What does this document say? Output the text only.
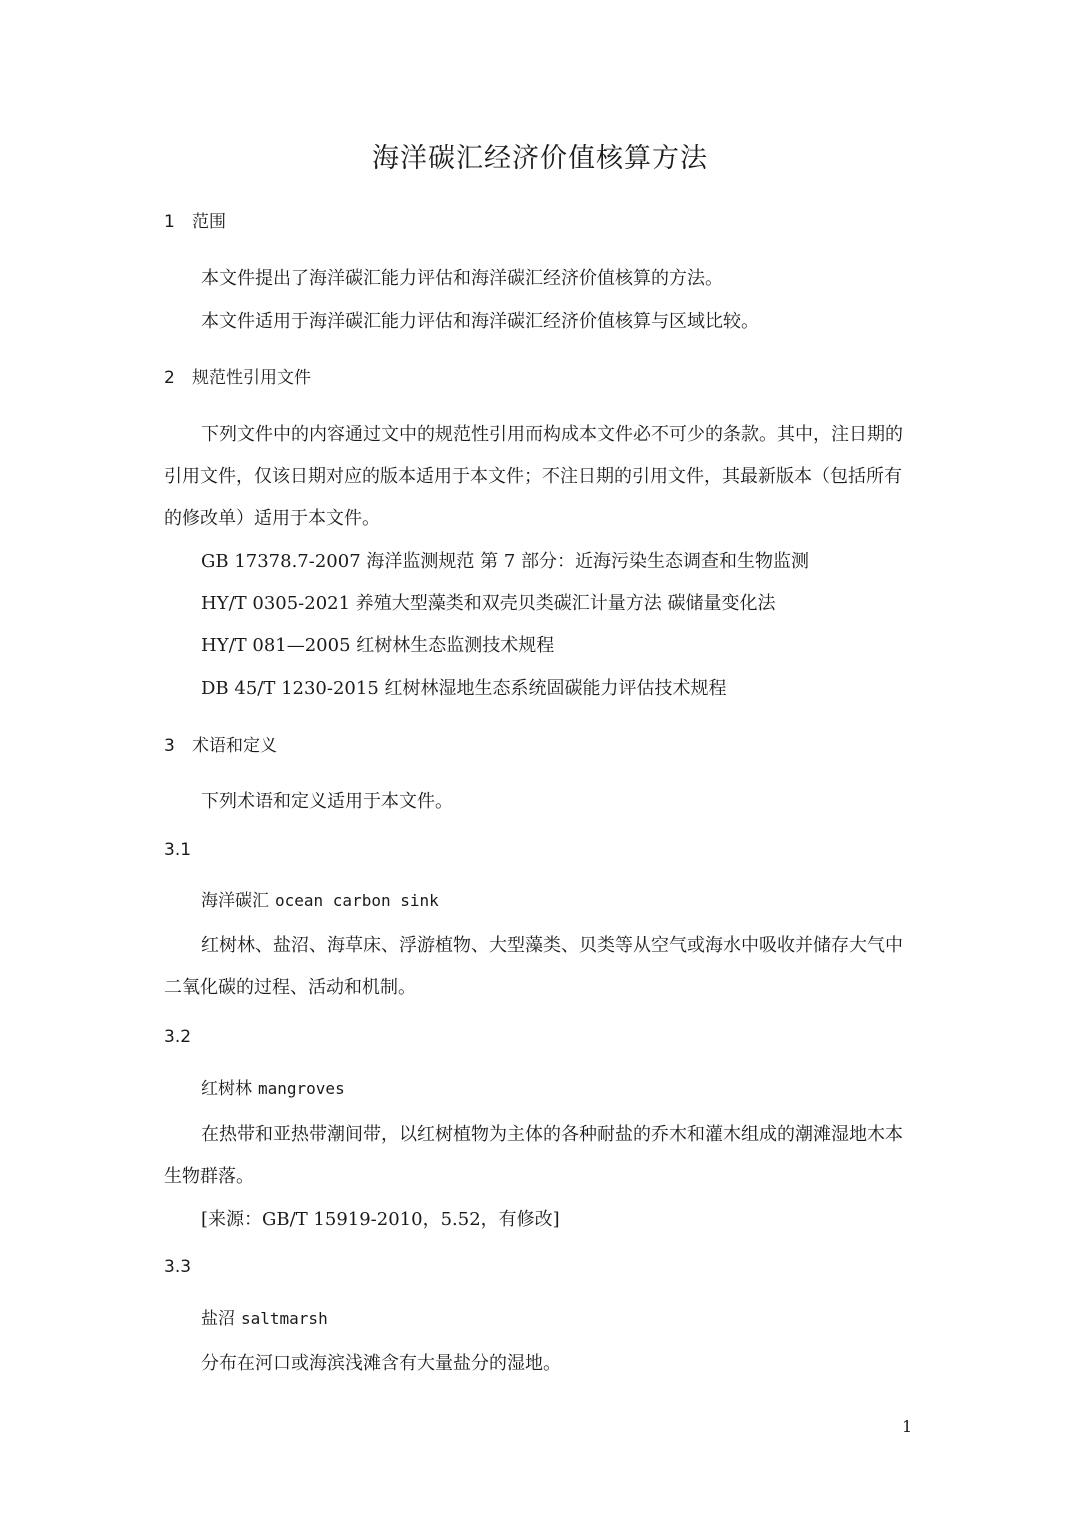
海洋碳汇经济价值核算方法
1 范围
本文件提出了海洋碳汇能力评估和海洋碳汇经济价值核算的方法。
本文件适用于海洋碳汇能力评估和海洋碳汇经济价值核算与区域比较。
2 规范性引用文件
下列文件中的内容通过文中的规范性引用而构成本文件必不可少的条款。其中，注日期的引用文件，仅该日期对应的版本适用于本文件；不注日期的引用文件，其最新版本（包括所有的修改单）适用于本文件。
GB 17378.7-2007 海洋监测规范 第 7 部分：近海污染生态调查和生物监测
HY/T 0305-2021 养殖大型藻类和双壳贝类碳汇计量方法 碳储量变化法
HY/T 081—2005 红树林生态监测技术规程
DB 45/T 1230-2015 红树林湿地生态系统固碳能力评估技术规程
3 术语和定义
下列术语和定义适用于本文件。
3.1
海洋碳汇 ocean carbon sink
红树林、盐沼、海草床、浮游植物、大型藻类、贝类等从空气或海水中吸收并储存大气中二氧化碳的过程、活动和机制。
3.2
红树林 mangroves
在热带和亚热带潮间带，以红树植物为主体的各种耐盐的乔木和灌木组成的潮滩湿地木本生物群落。
[来源：GB/T 15919-2010，5.52，有修改]
3.3
盐沼 saltmarsh
分布在河口或海滨浅滩含有大量盐分的湿地。
1
